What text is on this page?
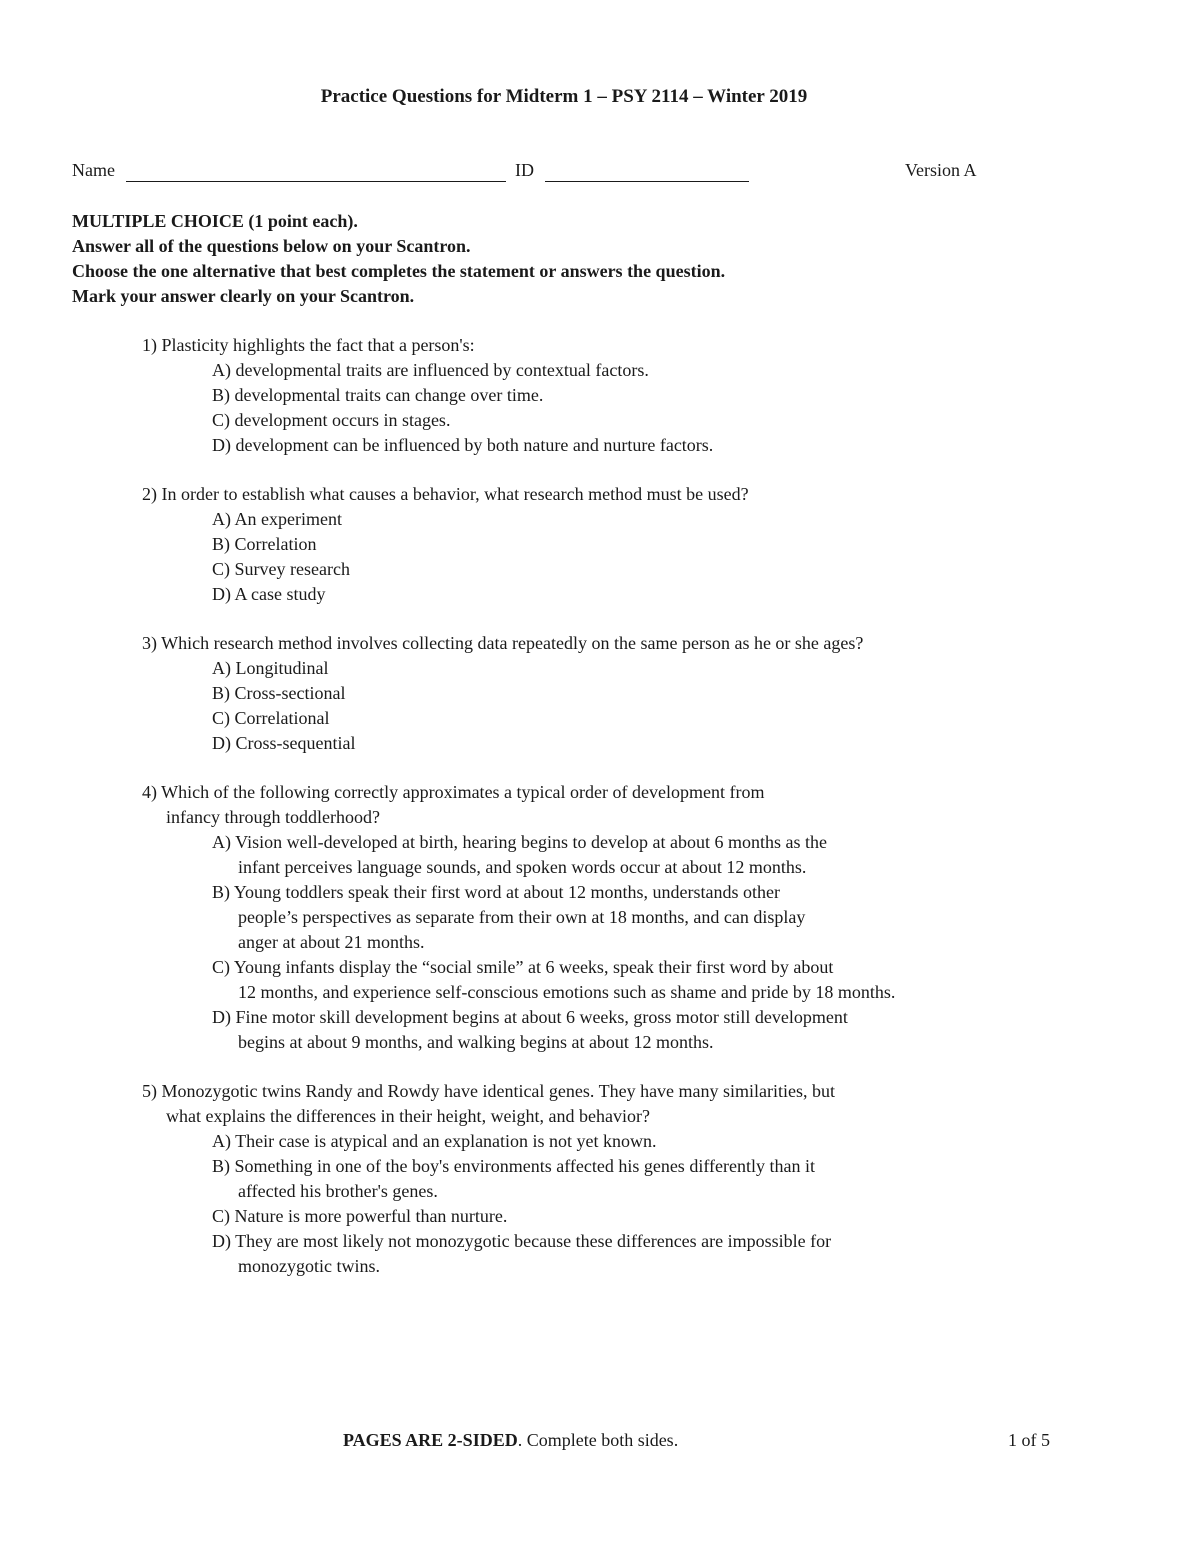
Practice Questions for Midterm 1 – PSY 2114 – Winter 2019
Name	ID	Version A
MULTIPLE CHOICE (1 point each).
Answer all of the questions below on your Scantron.
Choose the one alternative that best completes the statement or answers the question.
Mark your answer clearly on your Scantron.
1) Plasticity highlights the fact that a person's:
A) developmental traits are influenced by contextual factors.
B) developmental traits can change over time.
C) development occurs in stages.
D) development can be influenced by both nature and nurture factors.
2) In order to establish what causes a behavior, what research method must be used?
A) An experiment
B) Correlation
C) Survey research
D) A case study
3) Which research method involves collecting data repeatedly on the same person as he or she ages?
A) Longitudinal
B) Cross-sectional
C) Correlational
D) Cross-sequential
4) Which of the following correctly approximates a typical order of development from
infancy through toddlerhood?
A) Vision well-developed at birth, hearing begins to develop at about 6 months as the
infant perceives language sounds, and spoken words occur at about 12 months.
B) Young toddlers speak their first word at about 12 months, understands other
people’s perspectives as separate from their own at 18 months, and can display
anger at about 21 months.
C) Young infants display the “social smile” at 6 weeks, speak their first word by about
12 months, and experience self-conscious emotions such as shame and pride by 18 months.
D) Fine motor skill development begins at about 6 weeks, gross motor still development
begins at about 9 months, and walking begins at about 12 months.
5) Monozygotic twins Randy and Rowdy have identical genes. They have many similarities, but
what explains the differences in their height, weight, and behavior?
A) Their case is atypical and an explanation is not yet known.
B) Something in one of the boy's environments affected his genes differently than it
affected his brother's genes.
C) Nature is more powerful than nurture.
D) They are most likely not monozygotic because these differences are impossible for
monozygotic twins.
PAGES ARE 2-SIDED. Complete both sides.	1 of 5
